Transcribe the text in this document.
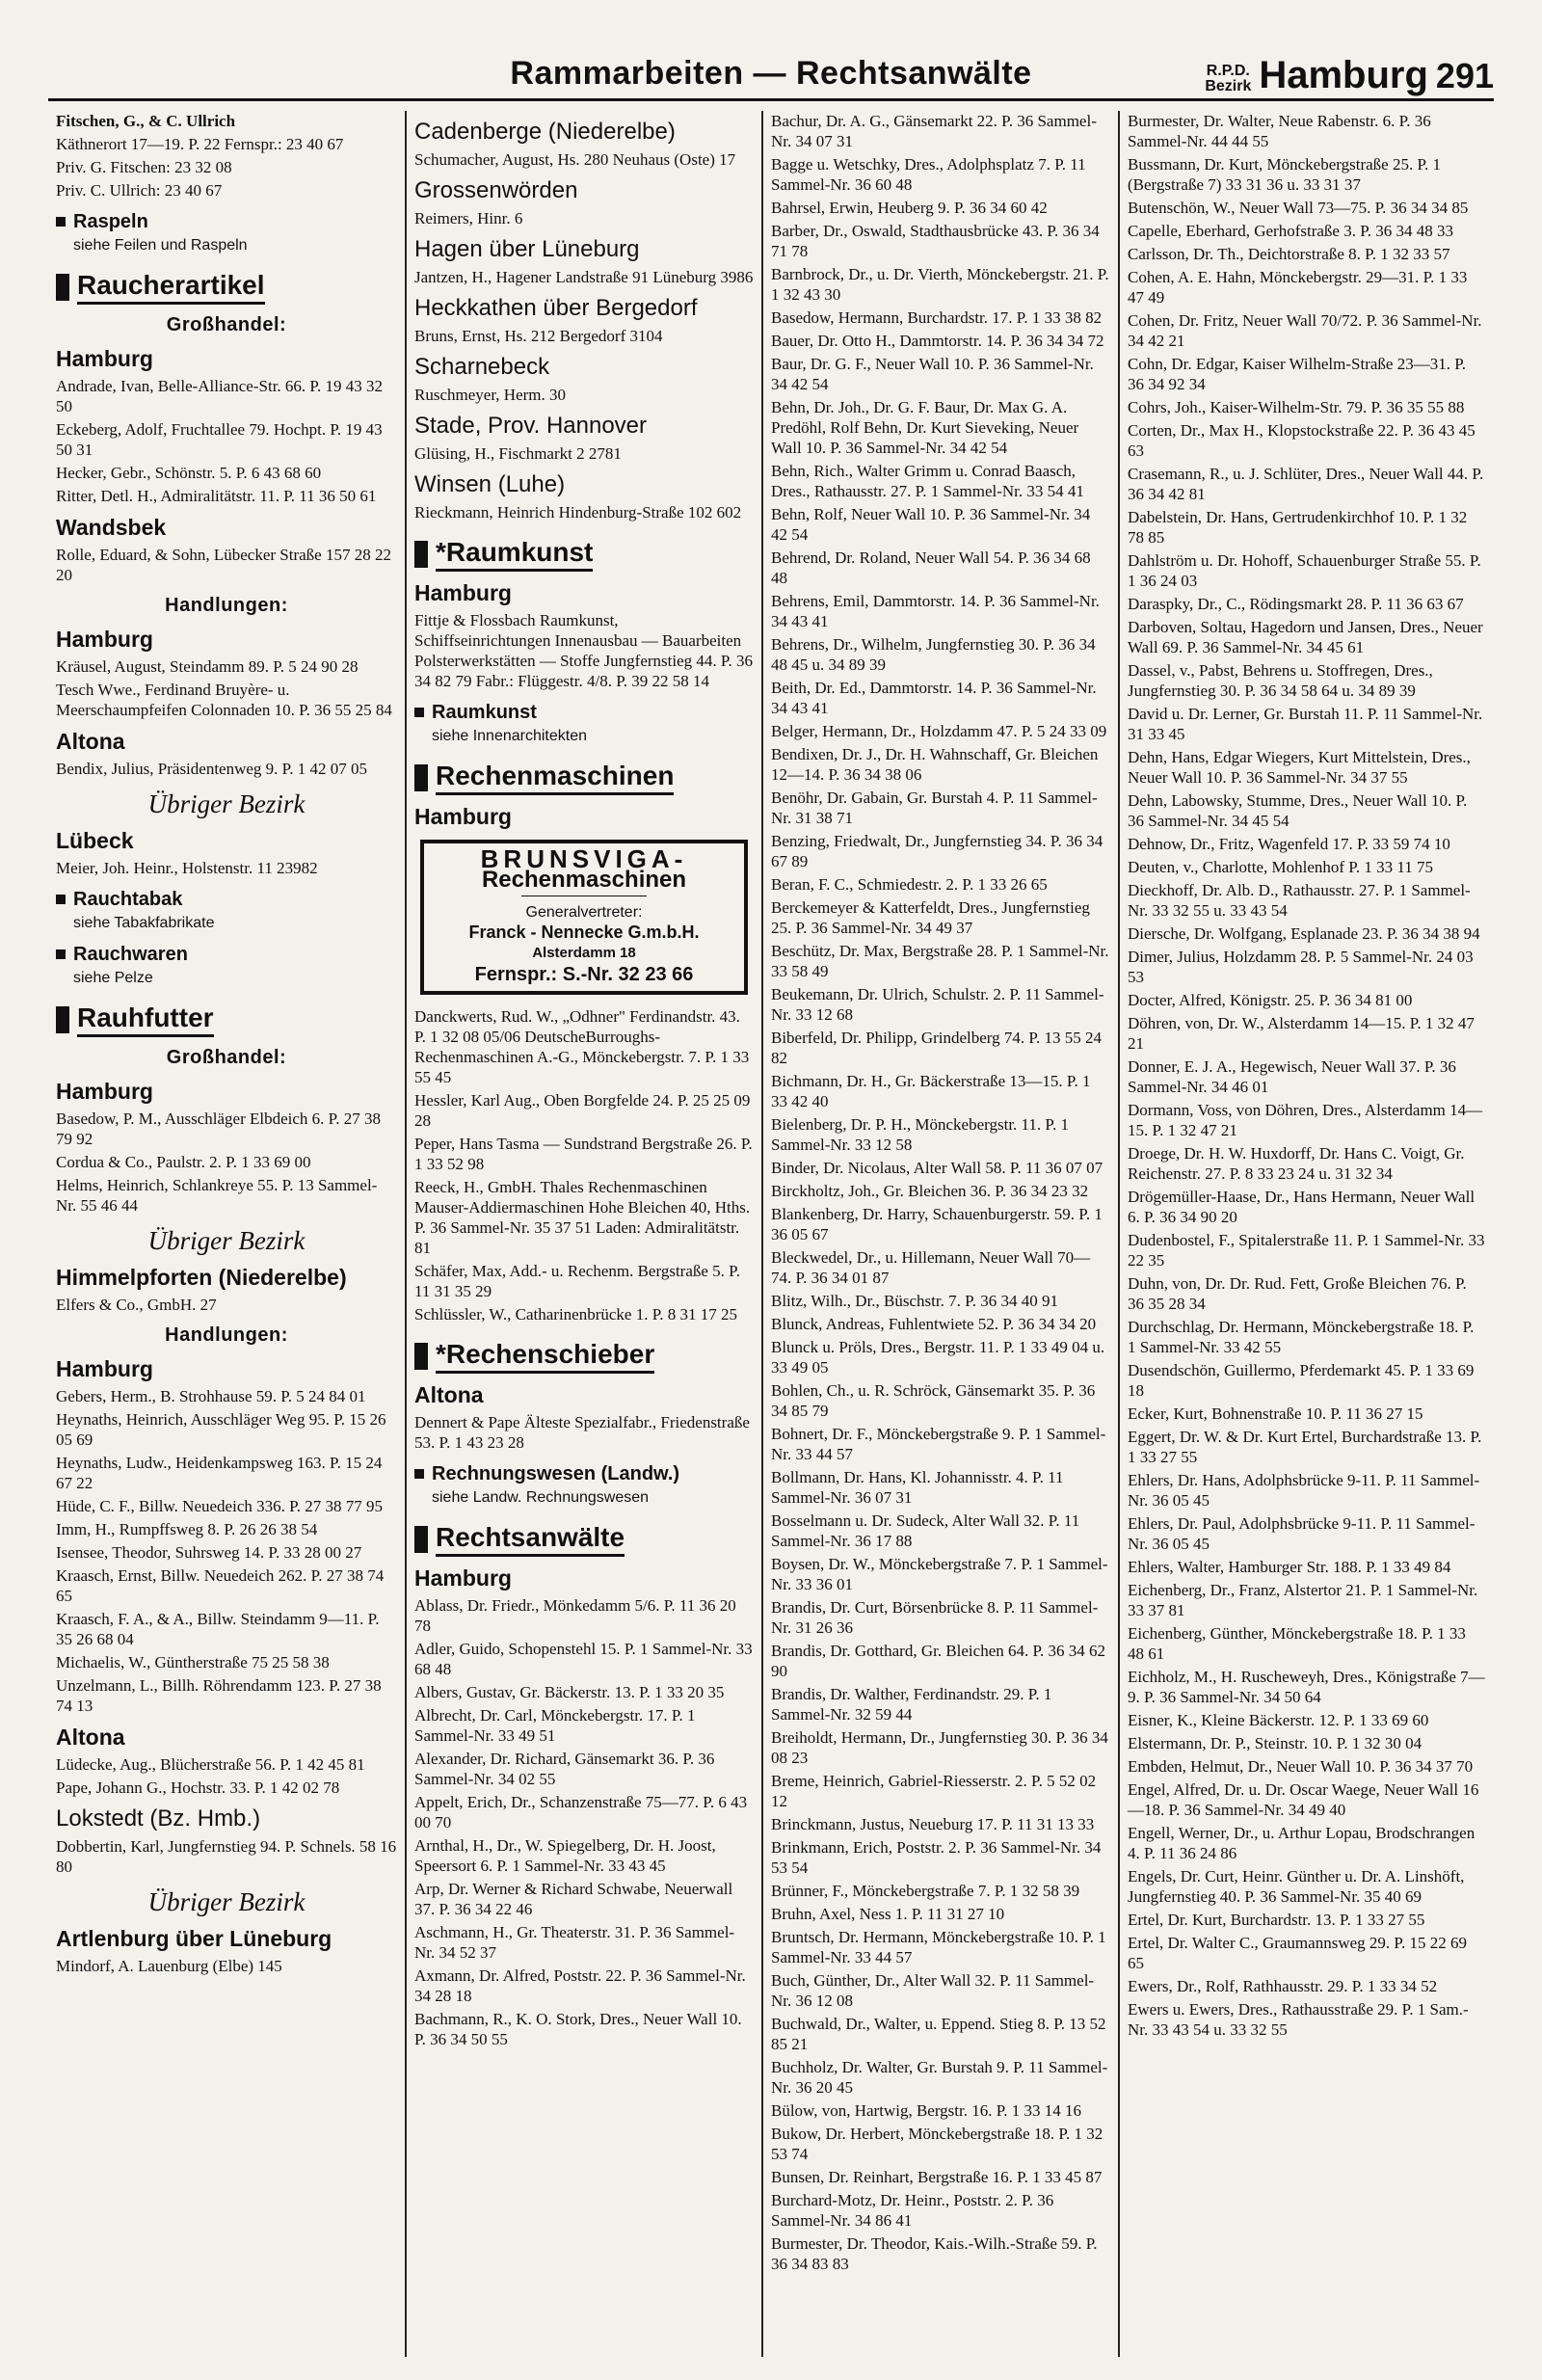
Rammarbeiten — Rechtsanwälte	R.P.D.
Bezirk Hamburg 291
Fitschen, G., & C. Ullrich
Käthnerort 17—19. P. 22 Fernspr.: 23 40 67
Priv. G. Fitschen: 23 32 08
Priv. C. Ullrich: 23 40 67
Raspeln
siehe Feilen und Raspeln
Raucherartikel
Großhandel:
Hamburg
Andrade, Ivan, Belle-Alliance-Str. 66. P. 19 43 32 50
Eckeberg, Adolf, Fruchtallee 79. Hochpt. P. 19 43 50 31
Hecker, Gebr., Schönstr. 5. P. 6 43 68 60
Ritter, Detl. H., Admiralitätstr. 11. P. 11 36 50 61
Wandsbek
Rolle, Eduard, & Sohn, Lübecker Straße 157 28 22 20
Handlungen:
Hamburg
Kräusel, August, Steindamm 89. P. 5 24 90 28
Tesch Wwe., Ferdinand Bruyère- u. Meerschaumpfeifen Colonnaden 10. P. 36 55 25 84
Altona
Bendix, Julius, Präsidentenweg 9. P. 1 42 07 05
Übriger Bezirk
Lübeck
Meier, Joh. Heinr., Holstenstr. 11 23982
Rauchtabak
siehe Tabakfabrikate
Rauchwaren
siehe Pelze
Rauhfutter
Großhandel:
Hamburg
Basedow, P. M., Ausschläger Elbdeich 6. P. 27 38 79 92
Cordua & Co., Paulstr. 2. P. 1 33 69 00
Helms, Heinrich, Schlankreye 55. P. 13 Sammel-Nr. 55 46 44
Übriger Bezirk
Himmelpforten (Niederelbe)
Elfers & Co., GmbH. 27
Handlungen:
Hamburg
Gebers, Herm., B. Strohhause 59. P. 5 24 84 01
Heynaths, Heinrich, Ausschläger Weg 95. P. 15 26 05 69
Heynaths, Ludw., Heidenkampsweg 163. P. 15 24 67 22
Hüde, C. F., Billw. Neuedeich 336. P. 27 38 77 95
Imm, H., Rumpffsweg 8. P. 26 26 38 54
Isensee, Theodor, Suhrsweg 14. P. 33 28 00 27
Kraasch, Ernst, Billw. Neuedeich 262. P. 27 38 74 65
Kraasch, F. A., & A., Billw. Steindamm 9—11. P. 35 26 68 04
Michaelis, W., Güntherstraße 75 25 58 38
Unzelmann, L., Billh. Röhrendamm 123. P. 27 38 74 13
Altona
Lüdecke, Aug., Blücherstraße 56. P. 1 42 45 81
Pape, Johann G., Hochstr. 33. P. 1 42 02 78
Lokstedt (Bz. Hmb.)
Dobbertin, Karl, Jungfernstieg 94. P. Schnels. 58 16 80
Übriger Bezirk
Artlenburg über Lüneburg
Mindorf, A. Lauenburg (Elbe) 145
Cadenberge (Niederelbe)
Schumacher, August, Hs. 280 Neuhaus (Oste) 17
Grossenwörden
Reimers, Hinr. 6
Hagen über Lüneburg
Jantzen, H., Hagener Landstraße 91 Lüneburg 3986
Heckkathen über Bergedorf
Bruns, Ernst, Hs. 212 Bergedorf 3104
Scharnebeck
Ruschmeyer, Herm. 30
Stade, Prov. Hannover
Glüsing, H., Fischmarkt 2 2781
Winsen (Luhe)
Rieckmann, Heinrich Hindenburg-Straße 102 602
*Raumkunst
Hamburg
Fittje & Flossbach Raumkunst, Schiffseinrichtungen Innenausbau — Bauarbeiten Polsterwerkstätten — Stoffe Jungfernstieg 44. P. 36 34 82 79 Fabr.: Flüggestr. 4/8. P. 39 22 58 14
Raumkunst
siehe Innenarchitekten
Rechenmaschinen
Hamburg
BRUNSVIGA-
Rechenmaschinen
Generalvertreter:
Franck - Nennecke G.m.b.H.
Alsterdamm 18
Fernspr.: S.-Nr. 32 23 66
Danckwerts, Rud. W., „Odhner" Ferdinandstr. 43. P. 1 32 08 05/06 DeutscheBurroughs-Rechenmaschinen A.-G., Mönckebergstr. 7. P. 1 33 55 45
Hessler, Karl Aug., Oben Borgfelde 24. P. 25 25 09 28
Peper, Hans Tasma — Sundstrand Bergstraße 26. P. 1 33 52 98
Reeck, H., GmbH. Thales Rechenmaschinen Mauser-Addiermaschinen Hohe Bleichen 40, Hths. P. 36 Sammel-Nr. 35 37 51 Laden: Admiralitätstr. 81
Schäfer, Max, Add.- u. Rechenm. Bergstraße 5. P. 11 31 35 29
Schlüssler, W., Catharinenbrücke 1. P. 8 31 17 25
*Rechenschieber
Altona
Dennert & Pape Älteste Spezialfabr., Friedenstraße 53. P. 1 43 23 28
Rechnungswesen (Landw.)
siehe Landw. Rechnungswesen
Rechtsanwälte
Hamburg
Ablass, Dr. Friedr., Mönkedamm 5/6. P. 11 36 20 78
Adler, Guido, Schopenstehl 15. P. 1 Sammel-Nr. 33 68 48
Albers, Gustav, Gr. Bäckerstr. 13. P. 1 33 20 35
Albrecht, Dr. Carl, Mönckebergstr. 17. P. 1 Sammel-Nr. 33 49 51
Alexander, Dr. Richard, Gänsemarkt 36. P. 36 Sammel-Nr. 34 02 55
Appelt, Erich, Dr., Schanzenstraße 75—77. P. 6 43 00 70
Arnthal, H., Dr., W. Spiegelberg, Dr. H. Joost, Speersort 6. P. 1 Sammel-Nr. 33 43 45
Arp, Dr. Werner & Richard Schwabe, Neuerwall 37. P. 36 34 22 46
Aschmann, H., Gr. Theaterstr. 31. P. 36 Sammel-Nr. 34 52 37
Axmann, Dr. Alfred, Poststr. 22. P. 36 Sammel-Nr. 34 28 18
Bachmann, R., K. O. Stork, Dres., Neuer Wall 10. P. 36 34 50 55
Bachur, Dr. A. G., Gänsemarkt 22. P. 36 Sammel-Nr. 34 07 31
Bagge u. Wetschky, Dres., Adolphsplatz 7. P. 11 Sammel-Nr. 36 60 48
Bahrsel, Erwin, Heuberg 9. P. 36 34 60 42
Barber, Dr., Oswald, Stadthausbrücke 43. P. 36 34 71 78
Barnbrock, Dr., u. Dr. Vierth, Mönckebergstr. 21. P. 1 32 43 30
Basedow, Hermann, Burchardstr. 17. P. 1 33 38 82
Bauer, Dr. Otto H., Dammtorstr. 14. P. 36 34 34 72
Baur, Dr. G. F., Neuer Wall 10. P. 36 Sammel-Nr. 34 42 54
Behn, Dr. Joh., Dr. G. F. Baur, Dr. Max G. A. Predöhl, Rolf Behn, Dr. Kurt Sieveking, Neuer Wall 10. P. 36 Sammel-Nr. 34 42 54
Behn, Rich., Walter Grimm u. Conrad Baasch, Dres., Rathausstr. 27. P. 1 Sammel-Nr. 33 54 41
Behn, Rolf, Neuer Wall 10. P. 36 Sammel-Nr. 34 42 54
Behrend, Dr. Roland, Neuer Wall 54. P. 36 34 68 48
Behrens, Emil, Dammtorstr. 14. P. 36 Sammel-Nr. 34 43 41
Behrens, Dr., Wilhelm, Jungfernstieg 30. P. 36 34 48 45 u. 34 89 39
Beith, Dr. Ed., Dammtorstr. 14. P. 36 Sammel-Nr. 34 43 41
Belger, Hermann, Dr., Holzdamm 47. P. 5 24 33 09
Bendixen, Dr. J., Dr. H. Wahnschaff, Gr. Bleichen 12—14. P. 36 34 38 06
Benöhr, Dr. Gabain, Gr. Burstah 4. P. 11 Sammel-Nr. 31 38 71
Benzing, Friedwalt, Dr., Jungfernstieg 34. P. 36 34 67 89
Beran, F. C., Schmiedestr. 2. P. 1 33 26 65
Berckemeyer & Katterfeldt, Dres., Jungfernstieg 25. P. 36 Sammel-Nr. 34 49 37
Beschütz, Dr. Max, Bergstraße 28. P. 1 Sammel-Nr. 33 58 49
Beukemann, Dr. Ulrich, Schulstr. 2. P. 11 Sammel-Nr. 33 12 68
Biberfeld, Dr. Philipp, Grindelberg 74. P. 13 55 24 82
Bichmann, Dr. H., Gr. Bäckerstraße 13—15. P. 1 33 42 40
Bielenberg, Dr. P. H., Mönckebergstr. 11. P. 1 Sammel-Nr. 33 12 58
Binder, Dr. Nicolaus, Alter Wall 58. P. 11 36 07 07
Birckholtz, Joh., Gr. Bleichen 36. P. 36 34 23 32
Blankenberg, Dr. Harry, Schauenburgerstr. 59. P. 1 36 05 67
Bleckwedel, Dr., u. Hillemann, Neuer Wall 70—74. P. 36 34 01 87
Blitz, Wilh., Dr., Büschstr. 7. P. 36 34 40 91
Blunck, Andreas, Fuhlentwiete 52. P. 36 34 34 20
Blunck u. Pröls, Dres., Bergstr. 11. P. 1 33 49 04 u. 33 49 05
Bohlen, Ch., u. R. Schröck, Gänsemarkt 35. P. 36 34 85 79
Bohnert, Dr. F., Mönckebergstraße 9. P. 1 Sammel-Nr. 33 44 57
Bollmann, Dr. Hans, Kl. Johannisstr. 4. P. 11 Sammel-Nr. 36 07 31
Bosselmann u. Dr. Sudeck, Alter Wall 32. P. 11 Sammel-Nr. 36 17 88
Boysen, Dr. W., Mönckebergstraße 7. P. 1 Sammel-Nr. 33 36 01
Brandis, Dr. Curt, Börsenbrücke 8. P. 11 Sammel-Nr. 31 26 36
Brandis, Dr. Gotthard, Gr. Bleichen 64. P. 36 34 62 90
Brandis, Dr. Walther, Ferdinandstr. 29. P. 1 Sammel-Nr. 32 59 44
Breiholdt, Hermann, Dr., Jungfernstieg 30. P. 36 34 08 23
Breme, Heinrich, Gabriel-Riesserstr. 2. P. 5 52 02 12
Brinckmann, Justus, Neueburg 17. P. 11 31 13 33
Brinkmann, Erich, Poststr. 2. P. 36 Sammel-Nr. 34 53 54
Brünner, F., Mönckebergstraße 7. P. 1 32 58 39
Bruhn, Axel, Ness 1. P. 11 31 27 10
Bruntsch, Dr. Hermann, Mönckebergstraße 10. P. 1 Sammel-Nr. 33 44 57
Buch, Günther, Dr., Alter Wall 32. P. 11 Sammel-Nr. 36 12 08
Buchwald, Dr., Walter, u. Eppend. Stieg 8. P. 13 52 85 21
Buchholz, Dr. Walter, Gr. Burstah 9. P. 11 Sammel-Nr. 36 20 45
Bülow, von, Hartwig, Bergstr. 16. P. 1 33 14 16
Bukow, Dr. Herbert, Mönckebergstraße 18. P. 1 32 53 74
Bunsen, Dr. Reinhart, Bergstraße 16. P. 1 33 45 87
Burchard-Motz, Dr. Heinr., Poststr. 2. P. 36 Sammel-Nr. 34 86 41
Burmester, Dr. Theodor, Kais.-Wilh.-Straße 59. P. 36 34 83 83
Burmester, Dr. Walter, Neue Rabenstr. 6. P. 36 Sammel-Nr. 44 44 55
Bussmann, Dr. Kurt, Mönckebergstraße 25. P. 1 (Bergstraße 7) 33 31 36 u. 33 31 37
Butenschön, W., Neuer Wall 73—75. P. 36 34 34 85
Capelle, Eberhard, Gerhofstraße 3. P. 36 34 48 33
Carlsson, Dr. Th., Deichtorstraße 8. P. 1 32 33 57
Cohen, A. E. Hahn, Mönckebergstr. 29—31. P. 1 33 47 49
Cohen, Dr. Fritz, Neuer Wall 70/72. P. 36 Sammel-Nr. 34 42 21
Cohn, Dr. Edgar, Kaiser Wilhelm-Straße 23—31. P. 36 34 92 34
Cohrs, Joh., Kaiser-Wilhelm-Str. 79. P. 36 35 55 88
Corten, Dr., Max H., Klopstockstraße 22. P. 36 43 45 63
Crasemann, R., u. J. Schlüter, Dres., Neuer Wall 44. P. 36 34 42 81
Dabelstein, Dr. Hans, Gertrudenkirchhof 10. P. 1 32 78 85
Dahlström u. Dr. Hohoff, Schauenburger Straße 55. P. 1 36 24 03
Daraspky, Dr., C., Rödingsmarkt 28. P. 11 36 63 67
Darboven, Soltau, Hagedorn und Jansen, Dres., Neuer Wall 69. P. 36 Sammel-Nr. 34 45 61
Dassel, v., Pabst, Behrens u. Stoffregen, Dres., Jungfernstieg 30. P. 36 34 58 64 u. 34 89 39
David u. Dr. Lerner, Gr. Burstah 11. P. 11 Sammel-Nr. 31 33 45
Dehn, Hans, Edgar Wiegers, Kurt Mittelstein, Dres., Neuer Wall 10. P. 36 Sammel-Nr. 34 37 55
Dehn, Labowsky, Stumme, Dres., Neuer Wall 10. P. 36 Sammel-Nr. 34 45 54
Dehnow, Dr., Fritz, Wagenfeld 17. P. 33 59 74 10
Deuten, v., Charlotte, Mohlenhof P. 1 33 11 75
Dieckhoff, Dr. Alb. D., Rathausstr. 27. P. 1 Sammel-Nr. 33 32 55 u. 33 43 54
Diersche, Dr. Wolfgang, Esplanade 23. P. 36 34 38 94
Dimer, Julius, Holzdamm 28. P. 5 Sammel-Nr. 24 03 53
Docter, Alfred, Königstr. 25. P. 36 34 81 00
Döhren, von, Dr. W., Alsterdamm 14—15. P. 1 32 47 21
Donner, E. J. A., Hegewisch, Neuer Wall 37. P. 36 Sammel-Nr. 34 46 01
Dormann, Voss, von Döhren, Dres., Alsterdamm 14—15. P. 1 32 47 21
Droege, Dr. H. W. Huxdorff, Dr. Hans C. Voigt, Gr. Reichenstr. 27. P. 8 33 23 24 u. 31 32 34
Drögemüller-Haase, Dr., Hans Hermann, Neuer Wall 6. P. 36 34 90 20
Dudenbostel, F., Spitalerstraße 11. P. 1 Sammel-Nr. 33 22 35
Duhn, von, Dr. Dr. Rud. Fett, Große Bleichen 76. P. 36 35 28 34
Durchschlag, Dr. Hermann, Mönckebergstraße 18. P. 1 Sammel-Nr. 33 42 55
Dusendschön, Guillermo, Pferdemarkt 45. P. 1 33 69 18
Ecker, Kurt, Bohnenstraße 10. P. 11 36 27 15
Eggert, Dr. W. & Dr. Kurt Ertel, Burchardstraße 13. P. 1 33 27 55
Ehlers, Dr. Hans, Adolphsbrücke 9-11. P. 11 Sammel-Nr. 36 05 45
Ehlers, Dr. Paul, Adolphsbrücke 9-11. P. 11 Sammel-Nr. 36 05 45
Ehlers, Walter, Hamburger Str. 188. P. 1 33 49 84
Eichenberg, Dr., Franz, Alstertor 21. P. 1 Sammel-Nr. 33 37 81
Eichenberg, Günther, Mönckebergstraße 18. P. 1 33 48 61
Eichholz, M., H. Ruscheweyh, Dres., Königstraße 7—9. P. 36 Sammel-Nr. 34 50 64
Eisner, K., Kleine Bäckerstr. 12. P. 1 33 69 60
Elstermann, Dr. P., Steinstr. 10. P. 1 32 30 04
Embden, Helmut, Dr., Neuer Wall 10. P. 36 34 37 70
Engel, Alfred, Dr. u. Dr. Oscar Waege, Neuer Wall 16—18. P. 36 Sammel-Nr. 34 49 40
Engell, Werner, Dr., u. Arthur Lopau, Brodschrangen 4. P. 11 36 24 86
Engels, Dr. Curt, Heinr. Günther u. Dr. A. Linshöft, Jungfernstieg 40. P. 36 Sammel-Nr. 35 40 69
Ertel, Dr. Kurt, Burchardstr. 13. P. 1 33 27 55
Ertel, Dr. Walter C., Graumannsweg 29. P. 15 22 69 65
Ewers, Dr., Rolf, Rathhausstr. 29. P. 1 33 34 52
Ewers u. Ewers, Dres., Rathausstraße 29. P. 1 Sam.-Nr. 33 43 54 u. 33 32 55
